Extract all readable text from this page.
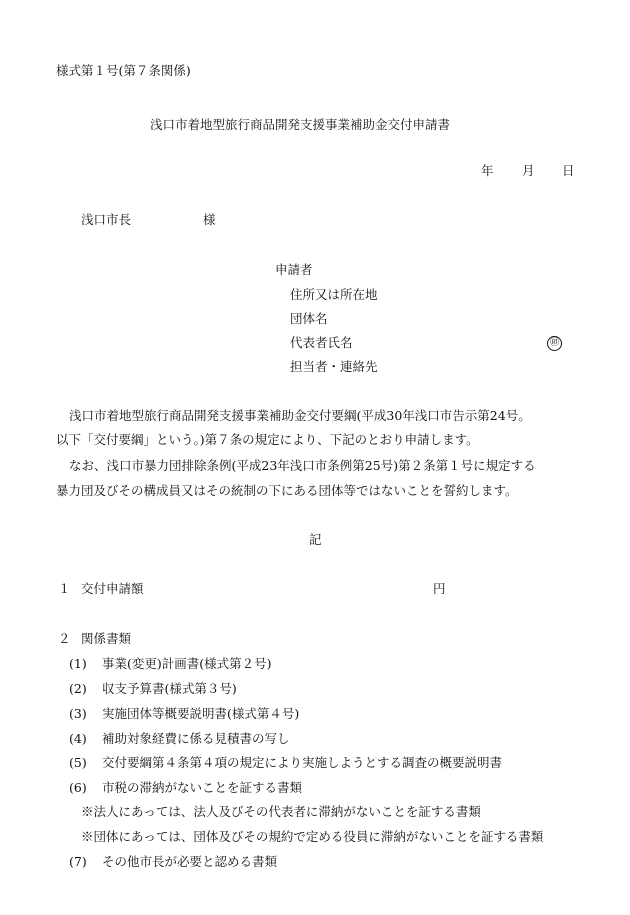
様式第１号(第７条関係)
浅口市着地型旅行商品開発支援事業補助金交付申請書
年 月 日
浅口市長	様
申請者
住所又は所在地
団体名
代表者氏名	㊞
担当者・連絡先
浅口市着地型旅行商品開発支援事業補助金交付要綱(平成30年浅口市告示第24号。
以下「交付要綱」という。)第７条の規定により、下記のとおり申請します。
なお、浅口市暴力団排除条例(平成23年浅口市条例第25号)第２条第１号に規定する
暴力団及びその構成員又はその統制の下にある団体等ではないことを誓約します。
記
１ 交付申請額	円
２ 関係書類
(1) 事業(変更)計画書(様式第２号)
(2) 収支予算書(様式第３号)
(3) 実施団体等概要説明書(様式第４号)
(4) 補助対象経費に係る見積書の写し
(5) 交付要綱第４条第４項の規定により実施しようとする調査の概要説明書
(6) 市税の滞納がないことを証する書類
※法人にあっては、法人及びその代表者に滞納がないことを証する書類
※団体にあっては、団体及びその規約で定める役員に滞納がないことを証する書類
(7) その他市長が必要と認める書類
